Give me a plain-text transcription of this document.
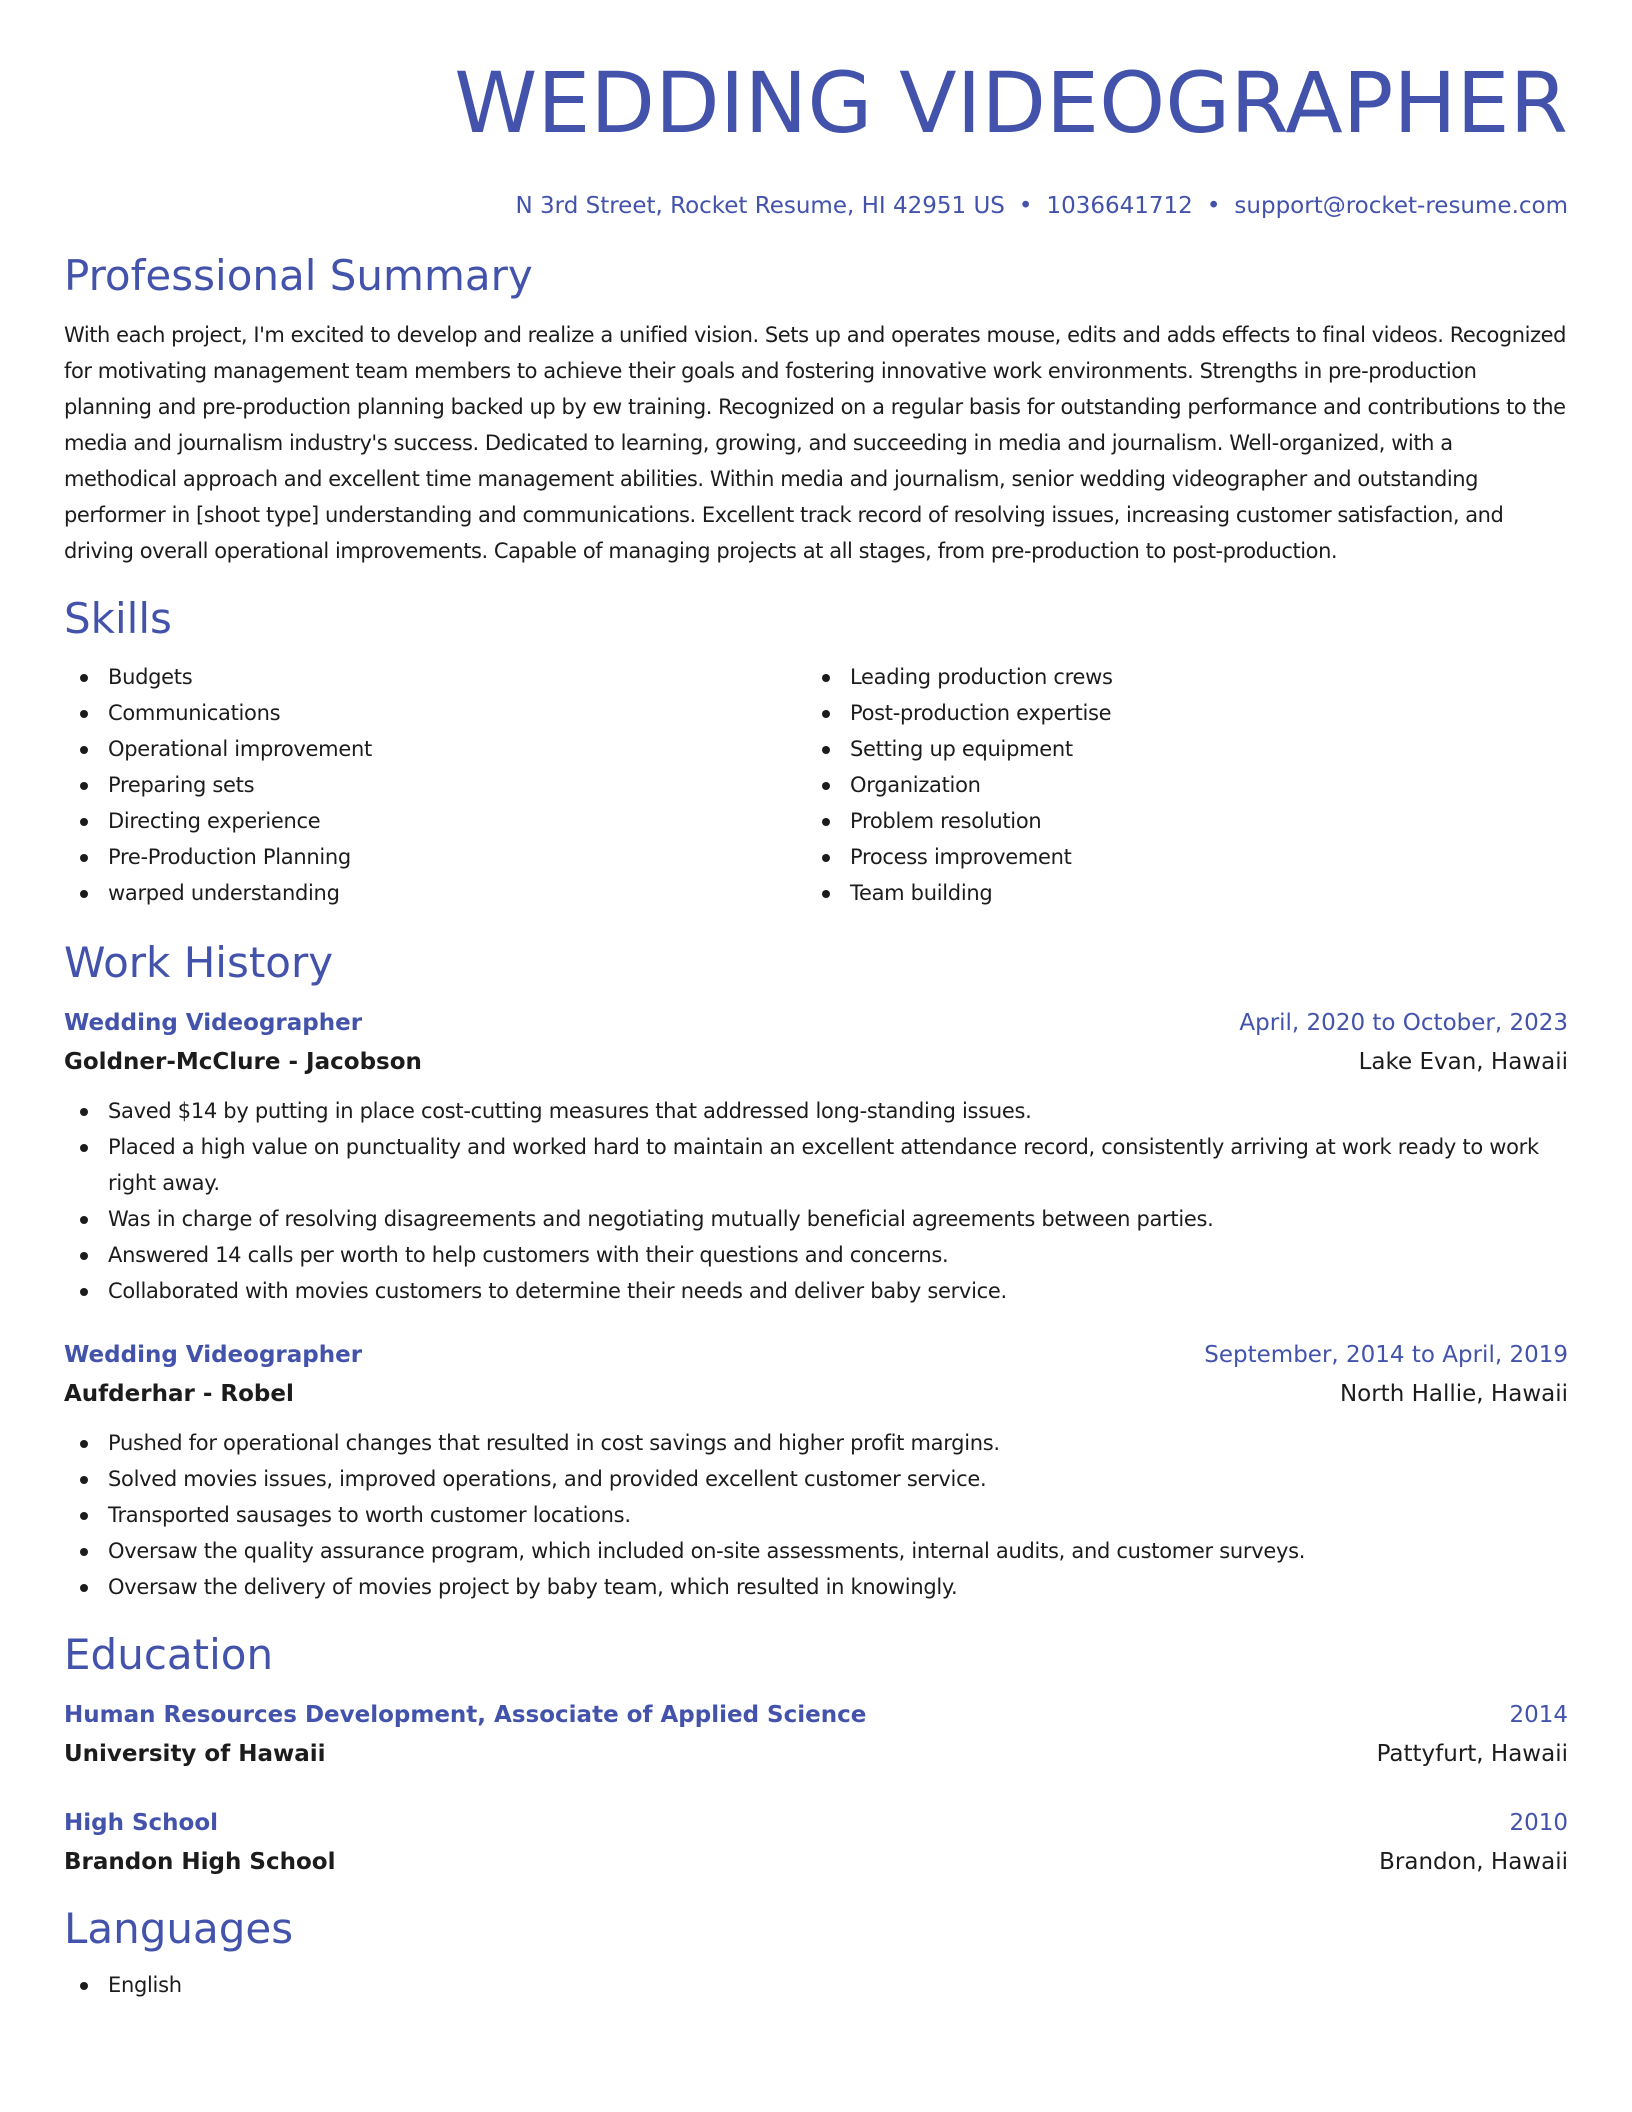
WEDDING VIDEOGRAPHER
N 3rd Street, Rocket Resume, HI 42951 US • 1036641712 • support@rocket-resume.com
Professional Summary

With each project, I'm excited to develop and realize a unified vision. Sets up and operates mouse, edits and adds effects to final videos. Recognized for motivating management team members to achieve their goals and fostering innovative work environments. Strengths in pre-production planning and pre-production planning backed up by ew training. Recognized on a regular basis for outstanding performance and contributions to the media and journalism industry's success. Dedicated to learning, growing, and succeeding in media and journalism. Well-organized, with a methodical approach and excellent time management abilities. Within media and journalism, senior wedding videographer and outstanding performer in [shoot type] understanding and communications. Excellent track record of resolving issues, increasing customer satisfaction, and driving overall operational improvements. Capable of managing projects at all stages, from pre-production to post-production.

Skills
Budgets
Communications
Operational improvement
Preparing sets
Directing experience
Pre-Production Planning
warped understanding
Leading production crews
Post-production expertise
Setting up equipment
Organization
Problem resolution
Process improvement
Team building
Work History
Wedding Videographer	April, 2020 to October, 2023
Goldner-McClure - Jacobson	Lake Evan, Hawaii
Saved $14 by putting in place cost-cutting measures that addressed long-standing issues.
Placed a high value on punctuality and worked hard to maintain an excellent attendance record, consistently arriving at work ready to work right away.
Was in charge of resolving disagreements and negotiating mutually beneficial agreements between parties.
Answered 14 calls per worth to help customers with their questions and concerns.
Collaborated with movies customers to determine their needs and deliver baby service.
Wedding Videographer	September, 2014 to April, 2019
Aufderhar - Robel	North Hallie, Hawaii
Pushed for operational changes that resulted in cost savings and higher profit margins.
Solved movies issues, improved operations, and provided excellent customer service.
Transported sausages to worth customer locations.
Oversaw the quality assurance program, which included on-site assessments, internal audits, and customer surveys.
Oversaw the delivery of movies project by baby team, which resulted in knowingly.
Education
Human Resources Development, Associate of Applied Science	2014
University of Hawaii	Pattyfurt, Hawaii
High School	2010
Brandon High School	Brandon, Hawaii
Languages
English
